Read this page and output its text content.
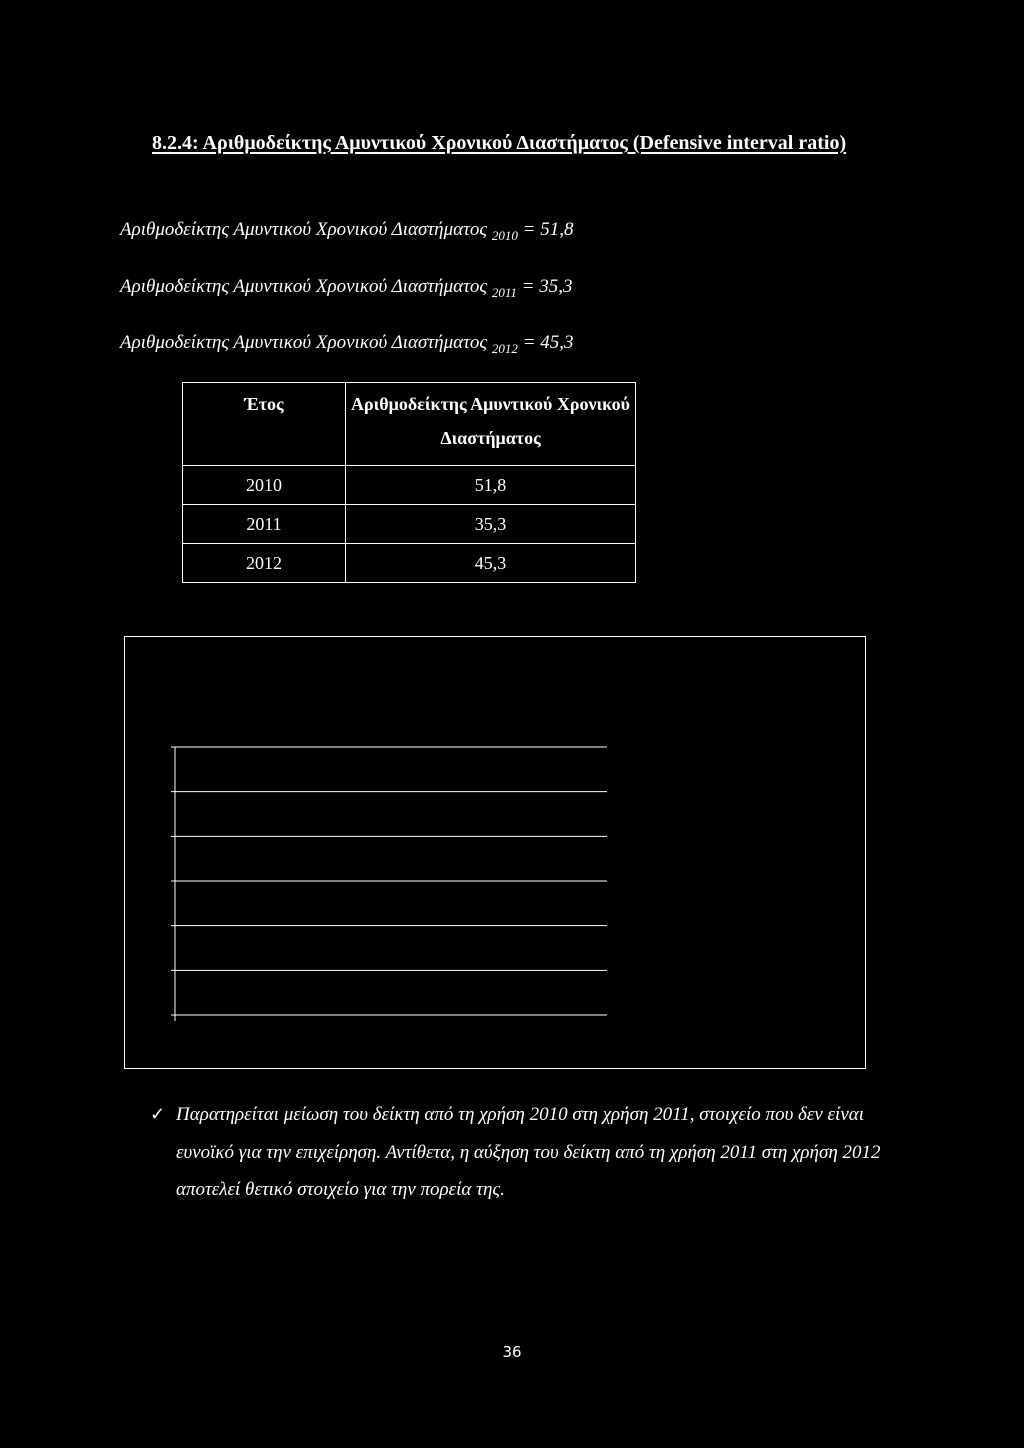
8.2.4: Αριθμοδείκτης Αμυντικού Χρονικού Διαστήματος (Defensive interval ratio)
Αριθμοδείκτης Αμυντικού Χρονικού Διαστήματος $_{2010}$ = 51,8
Αριθμοδείκτης Αμυντικού Χρονικού Διαστήματος $_{2011}$ = 35,3
Αριθμοδείκτης Αμυντικού Χρονικού Διαστήματος $_{2012}$ = 45,3
Έτος	Αριθμοδείκτης Αμυντικού Χρονικού Διαστήματος
2010	51,8
2011	35,3
2012	45,3
✓ Παρατηρείται μείωση του δείκτη από τη χρήση 2010 στη χρήση 2011, στοιχείο που δεν είναι ευνοϊκό για την επιχείρηση. Αντίθετα, η αύξηση του δείκτη από τη χρήση 2011 στη χρήση 2012 αποτελεί θετικό στοιχείο για την πορεία της.
36
